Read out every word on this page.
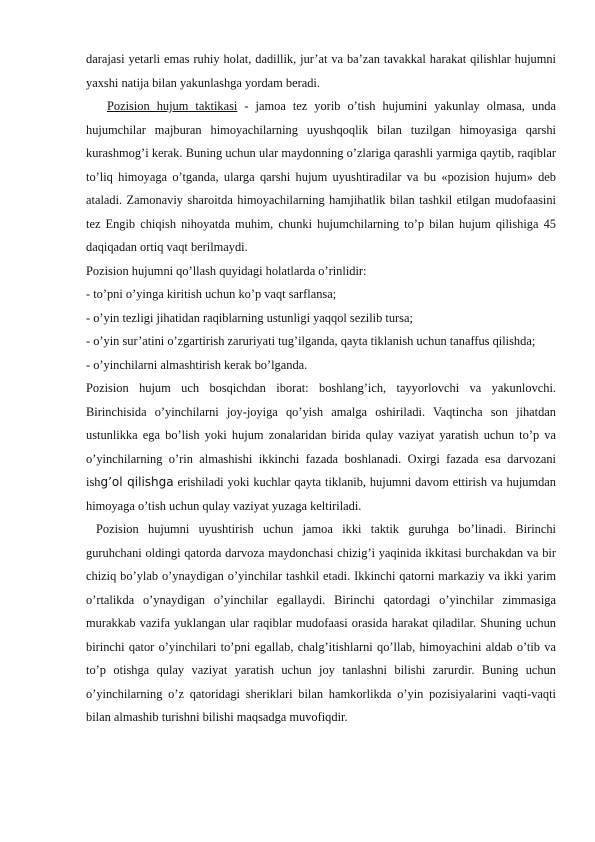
darajasi yetarli emas ruhiy holat, dadillik, jur’at va ba’zan tavakkal harakat qilishlar hujumni yaxshi natija bilan yakunlashga yordam beradi.

Pozision hujum taktikasi - jamoa tez yorib o’tish hujumini yakunlay olmasa, unda hujumchilar majburan himoyachilarning uyushqoqlik bilan tuzilgan himoyasiga qarshi kurashmog’i kerak. Buning uchun ular maydonning o’zlariga qarashli yarmiga qaytib, raqiblar to’liq himoyaga o’tganda, ularga qarshi hujum uyushtiradilar va bu «pozision hujum» deb ataladi. Zamonaviy sharoitda himoyachilarning hamjihatlik bilan tashkil etilgan mudofaasini tez Engib chiqish nihoyatda muhim, chunki hujumchilarning to’p bilan hujum qilishiga 45 daqiqadan ortiq vaqt berilmaydi.

Pozision hujumni qo’llash quyidagi holatlarda o’rinlidir:

- to’pni o’yinga kiritish uchun ko’p vaqt sarflansa;

- o’yin tezligi jihatidan raqiblarning ustunligi yaqqol sezilib tursa;

- o’yin sur’atini o’zgartirish zaruriyati tug’ilganda, qayta tiklanish uchun tanaffus qilishda;

- o’yinchilarni almashtirish kerak bo’lganda.

Pozision hujum uch bosqichdan iborat: boshlang’ich, tayyorlovchi va yakunlovchi. Birinchisida o’yinchilarni joy-joyiga qo’yish amalga oshiriladi. Vaqtincha son jihatdan ustunlikka ega bo’lish yoki hujum zonalaridan birida qulay vaziyat yaratish uchun to’p va o’yinchilarning o’rin almashishi ikkinchi fazada boshlanadi. Oxirgi fazada esa darvozani ishg’ol qilishga erishiladi yoki kuchlar qayta tiklanib, hujumni davom ettirish va hujumdan himoyaga o’tish uchun qulay vaziyat yuzaga keltiriladi.

Pozision hujumni uyushtirish uchun jamoa ikki taktik guruhga bo’linadi. Birinchi guruhchani oldingi qatorda darvoza maydonchasi chizig’i yaqinida ikkitasi burchakdan va bir chiziq bo’ylab o’ynaydigan o’yinchilar tashkil etadi. Ikkinchi qatorni markaziy va ikki yarim o’rtalikda o’ynaydigan o’yinchilar egallaydi. Birinchi qatordagi o’yinchilar zimmasiga murakkab vazifa yuklangan ular raqiblar mudofaasi orasida harakat qiladilar. Shuning uchun birinchi qator o’yinchilari to’pni egallab, chalg’itishlarni qo’llab, himoyachini aldab o’tib va to’p otishga qulay vaziyat yaratish uchun joy tanlashni bilishi zarurdir. Buning uchun o’yinchilarning o’z qatoridagi sheriklari bilan hamkorlikda o’yin pozisiyalarini vaqti-vaqti bilan almashib turishni bilishi maqsadga muvofiqdir.
